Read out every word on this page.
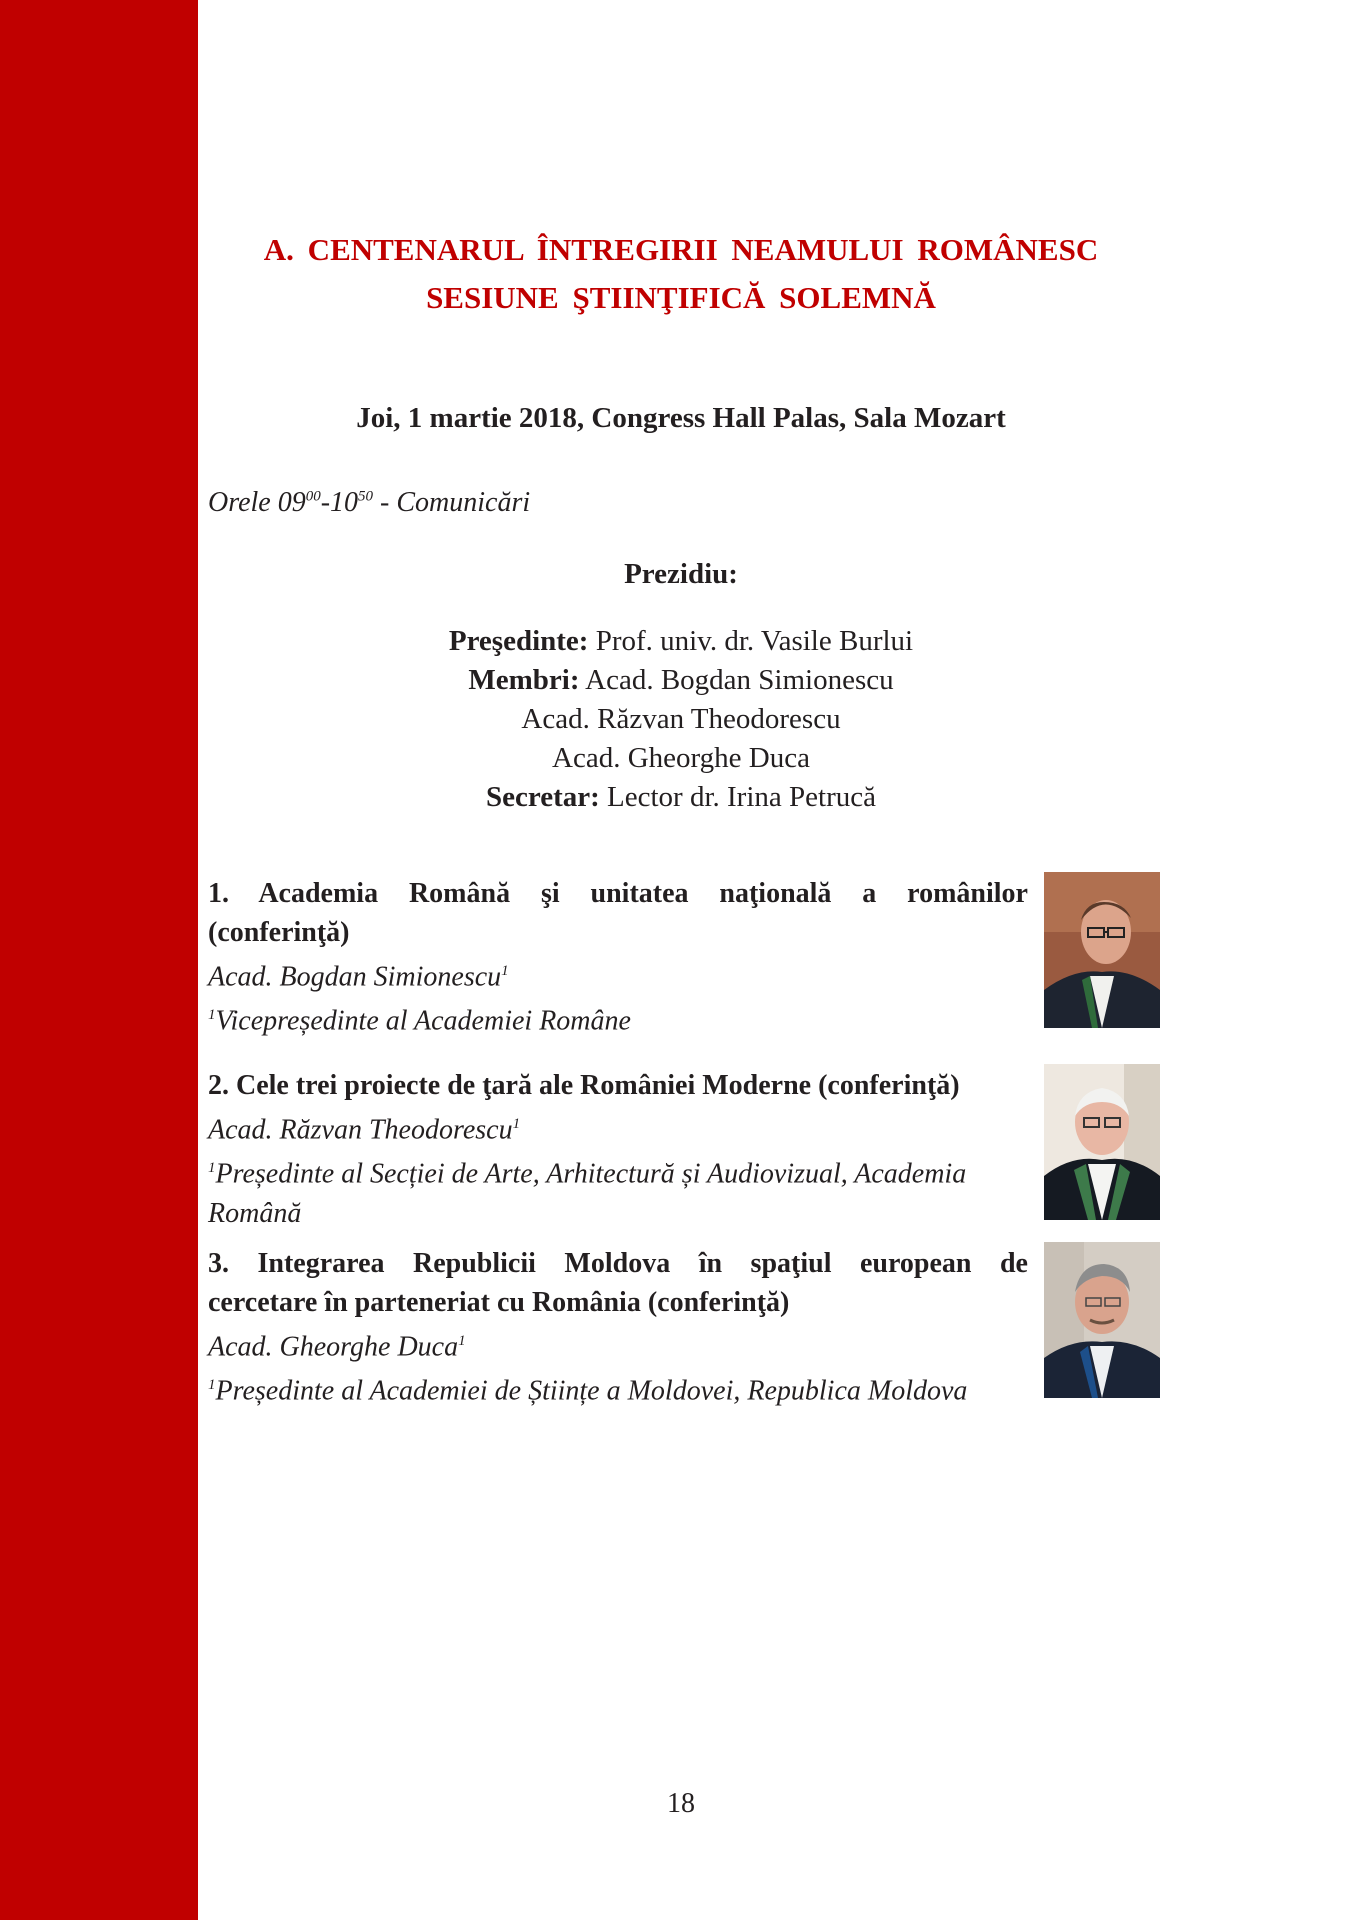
A. CENTENARUL ÎNTREGIRII NEAMULUI ROMÂNESC
SESIUNE ŞTIINŢIFICĂ SOLEMNĂ
Joi, 1 martie 2018, Congress Hall Palas, Sala Mozart
Orele $09^{00}-10^{50}$ - Comunicări
Prezidiu:
Preşedinte: Prof. univ. dr. Vasile Burlui
Membri: Acad. Bogdan Simionescu
Acad. Răzvan Theodorescu
Acad. Gheorghe Duca
Secretar: Lector dr. Irina Petrucă
1. Academia Română şi unitatea naţională a românilor
(conferinţă)
Acad. Bogdan Simionescu$^1$
$^1$Vicepreședinte al Academiei Române
2. Cele trei proiecte de ţară ale României Moderne (conferinţă)
Acad. Răzvan Theodorescu$^1$
$^1$Președinte al Secției de Arte, Arhitectură și Audiovizual, Academia Română
3. Integrarea Republicii Moldova în spaţiul european de
cercetare în parteneriat cu România (conferinţă)
Acad. Gheorghe Duca$^1$
$^1$Președinte al Academiei de Științe a Moldovei, Republica Moldova
18
